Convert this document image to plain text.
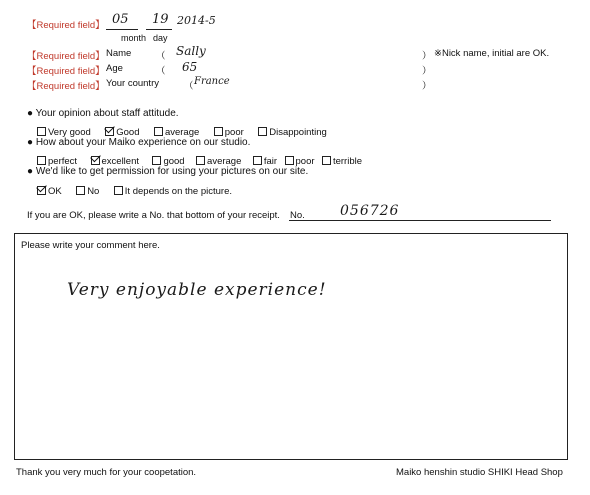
【Required field】 05 19 2014-5
month day
【Required field】 Name	（ Sally	） ※Nick name, initial are OK.
【Required field】 Age	（ 65	）
【Required field】 Your country	（ France	）
● Your opinion about staff attitude.
Very good	Good	average	poor	Disappointing
● How about your Maiko experience on our studio.
perfect	excellent	good average fair poor terrible
● We'd like to get permission for using your pictures on our site.
OK	No	It depends on the picture.
If you are OK, please write a No. that bottom of your receipt. No.	056726
Please write your comment here.
Very enjoyable experience!
Thank you very much for your coopetation.	Maiko henshin studio SHIKI Head Shop
